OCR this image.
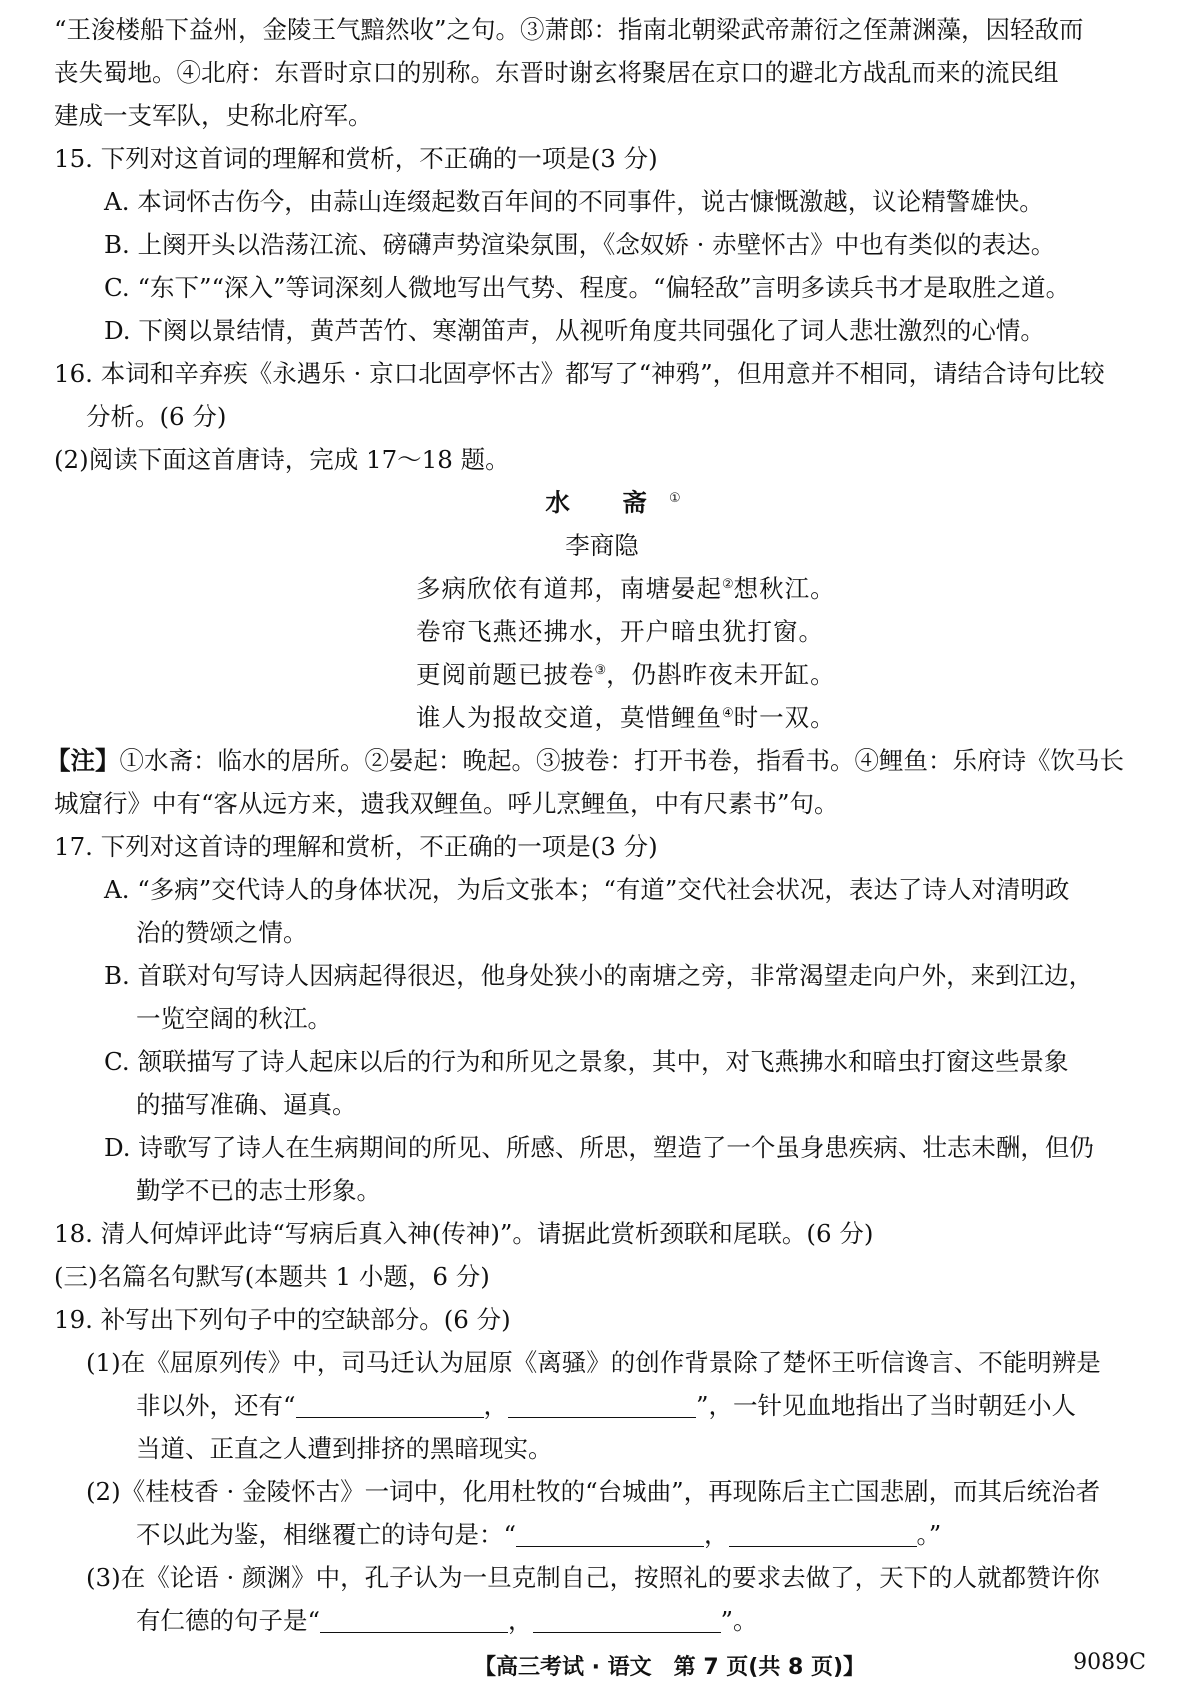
“王浚楼船下益州，金陵王气黯然收”之句。③萧郎：指南北朝梁武帝萧衍之侄萧渊藻，因轻敌而
丧失蜀地。④北府：东晋时京口的别称。东晋时谢玄将聚居在京口的避北方战乱而来的流民组
建成一支军队，史称北府军。
15. 下列对这首词的理解和赏析，不正确的一项是(3 分)
A. 本词怀古伤今，由蒜山连缀起数百年间的不同事件，说古慷慨激越，议论精警雄快。
B. 上阕开头以浩荡江流、磅礴声势渲染氛围，《念奴娇 · 赤壁怀古》中也有类似的表达。
C. “东下”“深入”等词深刻人微地写出气势、程度。“偏轻敌”言明多读兵书才是取胜之道。
D. 下阕以景结情，黄芦苦竹、寒潮笛声，从视听角度共同强化了词人悲壮激烈的心情。
16. 本词和辛弃疾《永遇乐 · 京口北固亭怀古》都写了“神鸦”，但用意并不相同，请结合诗句比较
分析。(6 分)
(2)阅读下面这首唐诗，完成 17～18 题。
水 斋①
李商隐
多病欣依有道邦，南塘晏起②想秋江。
卷帘飞燕还拂水，开户暗虫犹打窗。
更阅前题已披卷③，仍斟昨夜未开缸。
谁人为报故交道，莫惜鲤鱼④时一双。
【注】①水斋：临水的居所。②晏起：晚起。③披卷：打开书卷，指看书。④鲤鱼：乐府诗《饮马长
城窟行》中有“客从远方来，遗我双鲤鱼。呼儿烹鲤鱼，中有尺素书”句。
17. 下列对这首诗的理解和赏析，不正确的一项是(3 分)
A. “多病”交代诗人的身体状况，为后文张本；“有道”交代社会状况，表达了诗人对清明政
治的赞颂之情。
B. 首联对句写诗人因病起得很迟，他身处狭小的南塘之旁，非常渴望走向户外，来到江边，
一览空阔的秋江。
C. 颔联描写了诗人起床以后的行为和所见之景象，其中，对飞燕拂水和暗虫打窗这些景象
的描写准确、逼真。
D. 诗歌写了诗人在生病期间的所见、所感、所思，塑造了一个虽身患疾病、壮志未酬，但仍
勤学不已的志士形象。
18. 清人何焯评此诗“写病后真入神(传神)”。请据此赏析颈联和尾联。(6 分)
(三)名篇名句默写(本题共 1 小题，6 分)
19. 补写出下列句子中的空缺部分。(6 分)
(1)在《屈原列传》中，司马迁认为屈原《离骚》的创作背景除了楚怀王听信谗言、不能明辨是
非以外，还有“	，	”，一针见血地指出了当时朝廷小人
当道、正直之人遭到排挤的黑暗现实。
(2)《桂枝香 · 金陵怀古》一词中，化用杜牧的“台城曲”，再现陈后主亡国悲剧，而其后统治者
不以此为鉴，相继覆亡的诗句是：“	，	。”
(3)在《论语 · 颜渊》中，孔子认为一旦克制自己，按照礼的要求去做了，天下的人就都赞许你
有仁德的句子是“	，	”。
【高三考试 · 语文　第 7 页(共 8 页)】	9089C
